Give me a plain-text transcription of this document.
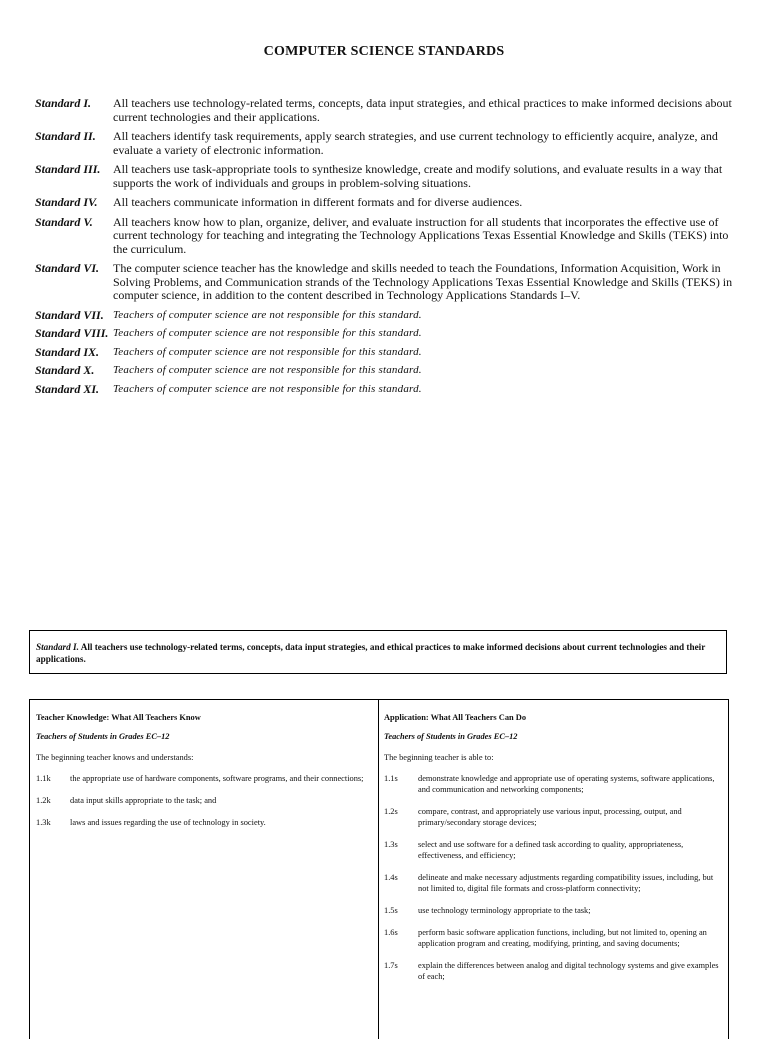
COMPUTER SCIENCE STANDARDS
Standard I.	All teachers use technology-related terms, concepts, data input strategies, and ethical practices to make informed decisions about current technologies and their applications.
Standard II.	All teachers identify task requirements, apply search strategies, and use current technology to efficiently acquire, analyze, and evaluate a variety of electronic information.
Standard III.	All teachers use task-appropriate tools to synthesize knowledge, create and modify solutions, and evaluate results in a way that supports the work of individuals and groups in problem-solving situations.
Standard IV.	All teachers communicate information in different formats and for diverse audiences.
Standard V.	All teachers know how to plan, organize, deliver, and evaluate instruction for all students that incorporates the effective use of current technology for teaching and integrating the Technology Applications Texas Essential Knowledge and Skills (TEKS) into the curriculum.
Standard VI.	The computer science teacher has the knowledge and skills needed to teach the Foundations, Information Acquisition, Work in Solving Problems, and Communication strands of the Technology Applications Texas Essential Knowledge and Skills (TEKS) in computer science, in addition to the content described in Technology Applications Standards I–V.
Standard VII. Teachers of computer science are not responsible for this standard.
Standard VIII. Teachers of computer science are not responsible for this standard.
Standard IX.	Teachers of computer science are not responsible for this standard.
Standard X.	Teachers of computer science are not responsible for this standard.
Standard XI.	Teachers of computer science are not responsible for this standard.
Standard I. All teachers use technology-related terms, concepts, data input strategies, and ethical practices to make informed decisions about current technologies and their applications.
Teacher Knowledge: What All Teachers Know
Teachers of Students in Grades EC–12
The beginning teacher knows and understands:
1.1k	the appropriate use of hardware components, software programs, and their connections;
1.2k	data input skills appropriate to the task; and
1.3k	laws and issues regarding the use of technology in society.
Application: What All Teachers Can Do
Teachers of Students in Grades EC–12
The beginning teacher is able to:
1.1s	demonstrate knowledge and appropriate use of operating systems, software applications, and communication and networking components;
1.2s	compare, contrast, and appropriately use various input, processing, output, and primary/secondary storage devices;
1.3s	select and use software for a defined task according to quality, appropriateness, effectiveness, and efficiency;
1.4s	delineate and make necessary adjustments regarding compatibility issues, including, but not limited to, digital file formats and cross-platform connectivity;
1.5s	use technology terminology appropriate to the task;
1.6s	perform basic software application functions, including, but not limited to, opening an application program and creating, modifying, printing, and saving documents;
1.7s	explain the differences between analog and digital technology systems and give examples of each;
